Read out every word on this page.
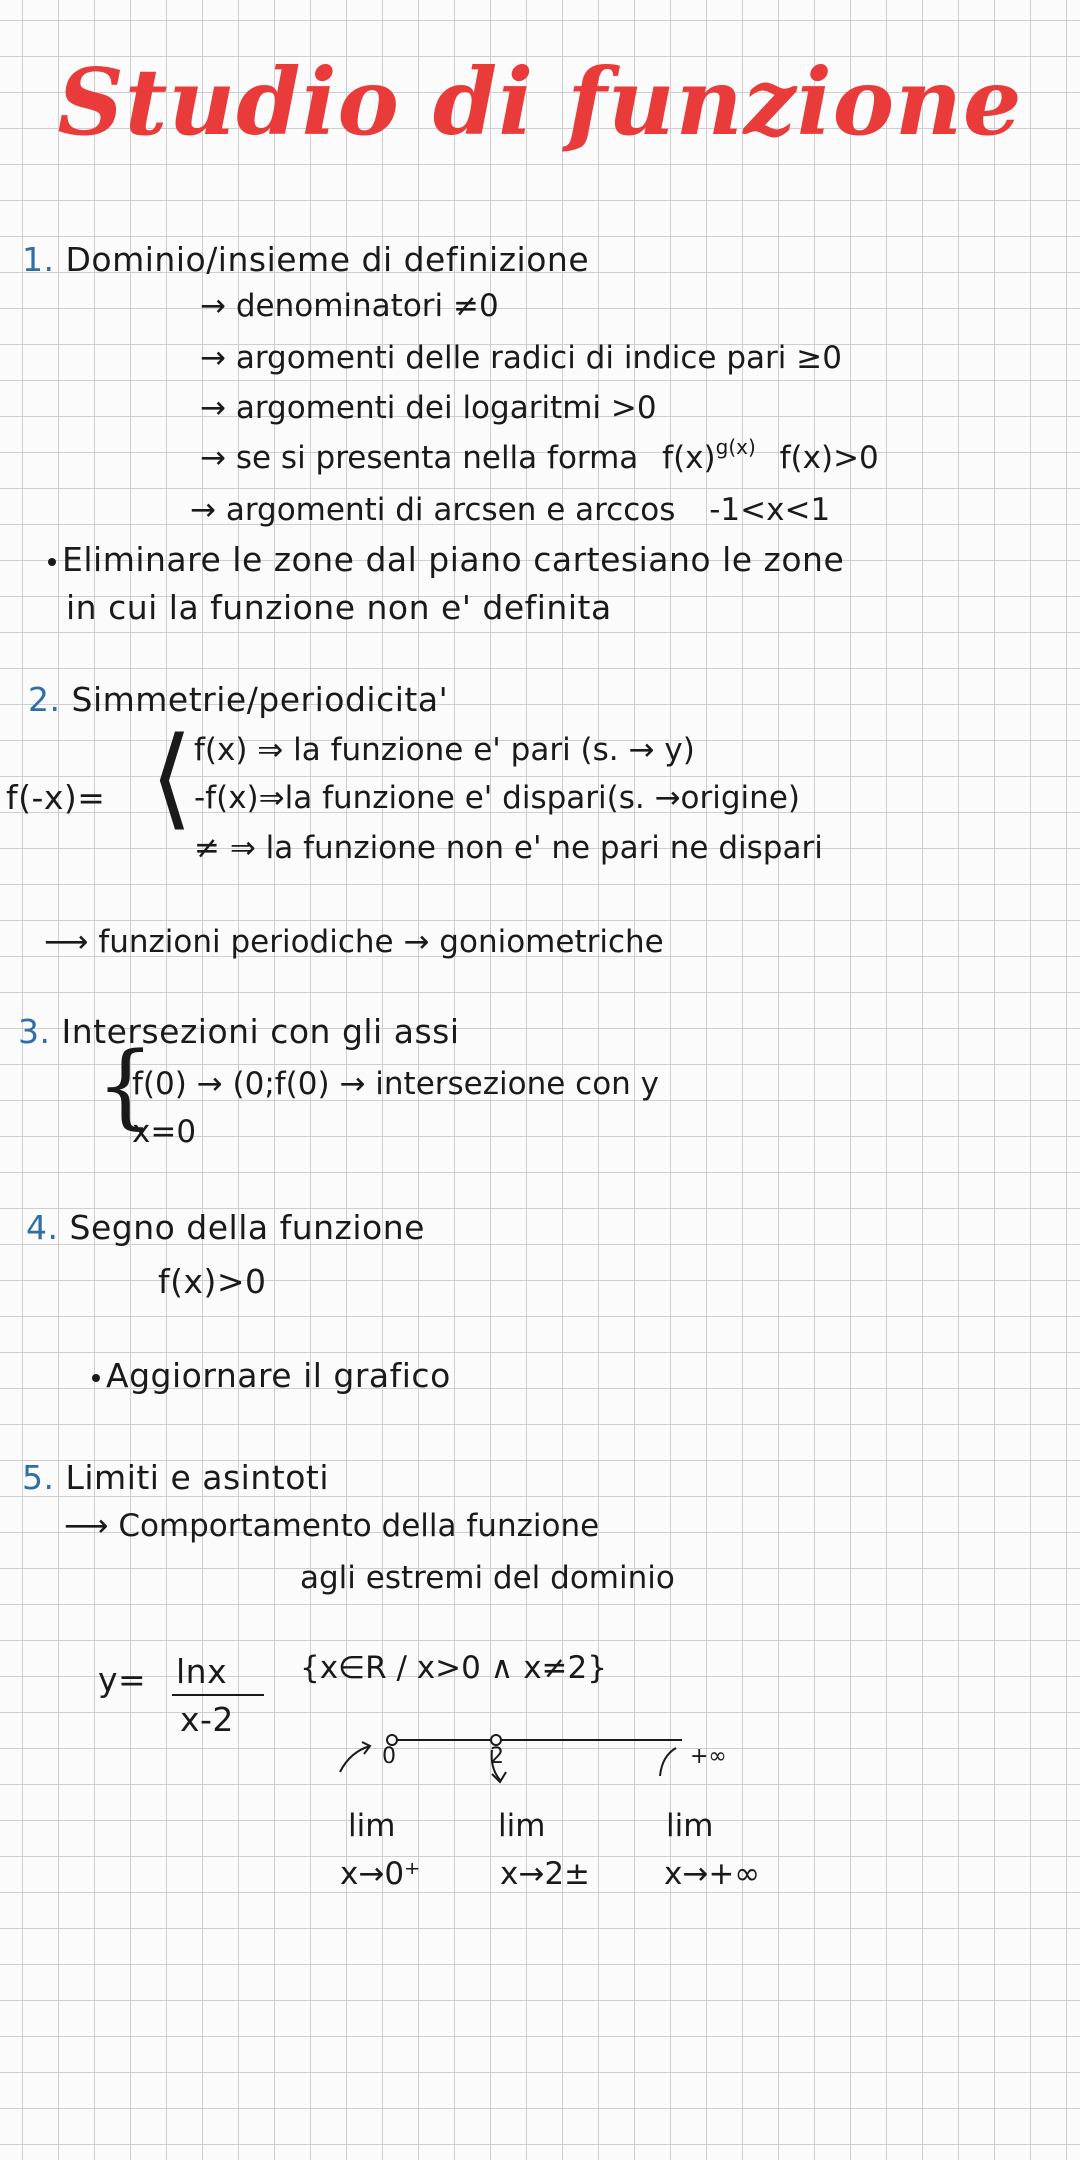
Studio di funzione
1. Dominio/insieme di definizione
→ denominatori ≠0
→ argomenti delle radici di indice pari ≥0
→ argomenti dei logaritmi >0
→ se si presenta nella forma $f(x)^{g(x)}$ f(x)>0
→ argomenti di arcsen e arccos -1<x<1
Eliminare le zone dal piano cartesiano le zone
in cui la funzione non e' definita
2. Simmetrie/periodicita'
f(-x)= ⟨ f(x) ⇒ la funzione e' pari (s. → y)
-f(x)⇒la funzione e' dispari(s. →origine)
≠ ⇒ la funzione non e' ne pari ne dispari
⟶ funzioni periodiche → goniometriche
3. Intersezioni con gli assi
{
f(0) → (0;f(0) → intersezione con y
x=0
4. Segno della funzione
f(x)>0
Aggiornare il grafico
5. Limiti e asintoti
⟶ Comportamento della funzione
agli estremi del dominio
y= lnx
x-2
{x∈R / x>0 ∧ x≠2}
0	2	+∞
lim
x→0⁺
lim
x→2±
lim
x→+∞
